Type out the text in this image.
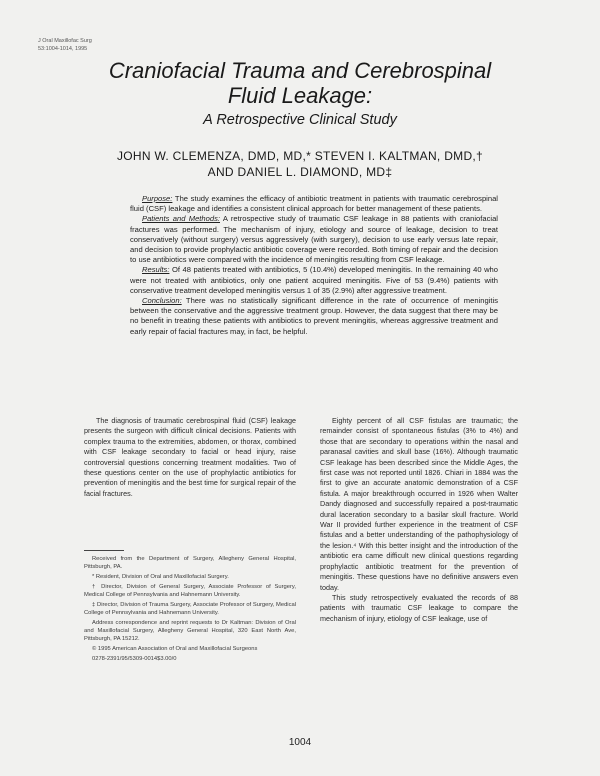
J Oral Maxillofac Surg
53:1004-1014, 1995
Craniofacial Trauma and Cerebrospinal
Fluid Leakage:
A Retrospective Clinical Study
JOHN W. CLEMENZA, DMD, MD,* STEVEN I. KALTMAN, DMD,†
AND DANIEL L. DIAMOND, MD‡

Purpose: The study examines the efficacy of antibiotic treatment in patients with traumatic cerebrospinal fluid (CSF) leakage and identifies a consistent clinical approach for better management of these patients.

Patients and Methods: A retrospective study of traumatic CSF leakage in 88 patients with craniofacial fractures was performed. The mechanism of injury, etiology and source of leakage, decision to treat conservatively (without surgery) versus aggressively (with surgery), decision to use early versus late repair, and decision to provide prophylactic antibiotic coverage were recorded. Both timing of repair and the decision to use antibiotics were compared with the incidence of meningitis resulting from CSF leakage.

Results: Of 48 patients treated with antibiotics, 5 (10.4%) developed meningitis. In the remaining 40 who were not treated with antibiotics, only one patient acquired meningitis. Five of 53 (9.4%) patients with conservative treatment developed meningitis versus 1 of 35 (2.9%) after aggressive treatment.

Conclusion: There was no statistically significant difference in the rate of occurrence of meningitis between the conservative and the aggressive treatment group. However, the data suggest that there may be no benefit in treating these patients with antibiotics to prevent meningitis, whereas aggressive treatment and early repair of facial fractures may, in fact, be helpful.

The diagnosis of traumatic cerebrospinal fluid (CSF) leakage presents the surgeon with difficult clinical decisions. Patients with complex trauma to the extremities, abdomen, or thorax, combined with CSF leakage secondary to facial or head injury, raise controversial questions concerning treatment modalities. Two of these questions center on the use of prophylactic antibiotics for prevention of meningitis and the best time for surgical repair of the facial fractures.

Received from the Department of Surgery, Allegheny General Hospital, Pittsburgh, PA.

* Resident, Division of Oral and Maxillofacial Surgery.

† Director, Division of General Surgery, Associate Professor of Surgery, Medical College of Pennsylvania and Hahnemann University.

‡ Director, Division of Trauma Surgery, Associate Professor of Surgery, Medical College of Pennsylvania and Hahnemann University.

Address correspondence and reprint requests to Dr Kaltman: Division of Oral and Maxillofacial Surgery, Allegheny General Hospital, 320 East North Ave, Pittsburgh, PA 15212.

© 1995 American Association of Oral and Maxillofacial Surgeons

0278-2391/95/5309-0014$3.00/0

Eighty percent of all CSF fistulas are traumatic; the remainder consist of spontaneous fistulas (3% to 4%) and those that are secondary to operations within the nasal and paranasal cavities and skull base (16%). Although traumatic CSF leakage has been described since the Middle Ages, the first case was not reported until 1826. Chiari in 1884 was the first to give an accurate anatomic demonstration of a CSF fistula. A major breakthrough occurred in 1926 when Walter Dandy diagnosed and successfully repaired a post-traumatic dural laceration secondary to a basilar skull fracture. World War II provided further experience in the treatment of CSF fistulas and a better understanding of the pathophysiology of the lesion.⁴ With this better insight and the introduction of the antibiotic era came difficult new clinical questions regarding prophylactic antibiotic treatment for the prevention of meningitis. These questions have no definitive answers even today.

This study retrospectively evaluated the records of 88 patients with traumatic CSF leakage to compare the mechanism of injury, etiology of CSF leakage, use of

1004
